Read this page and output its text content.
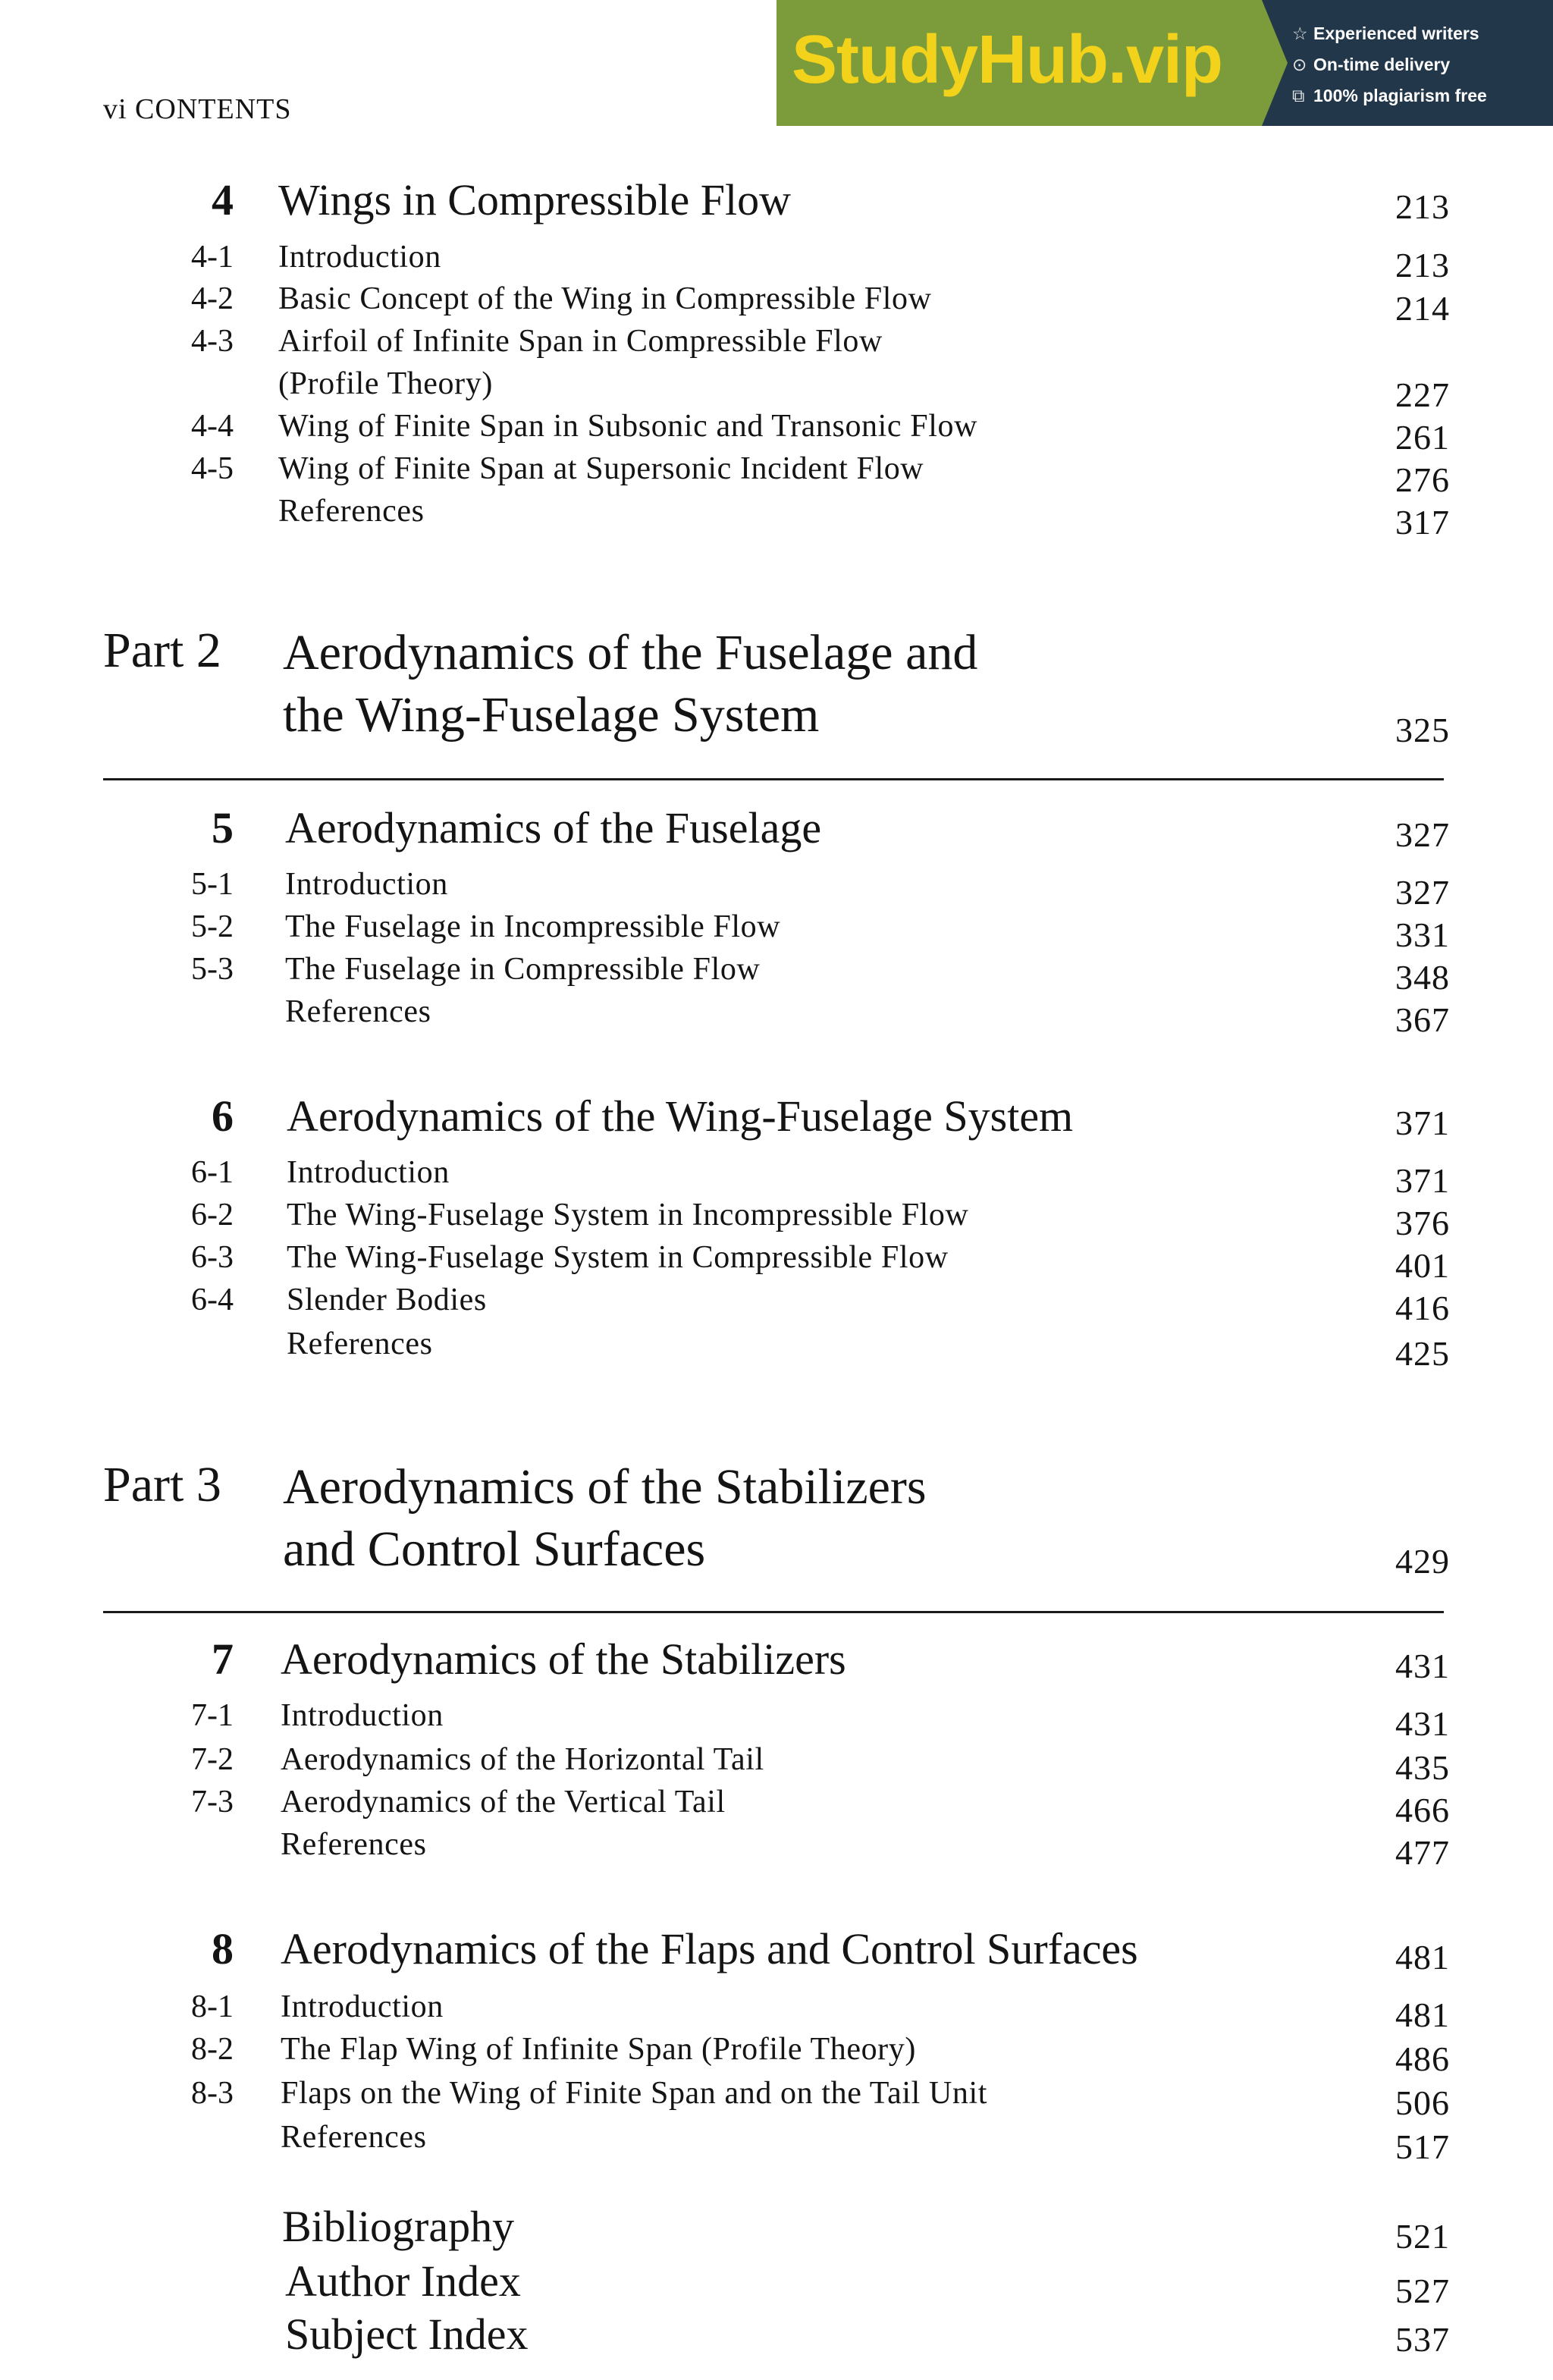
vi CONTENTS
StudyHub.vip	☆ Experienced writers
⊙ On-time delivery
⧉ 100% plagiarism free
4 Wings in Compressible Flow	213
4-1 Introduction	213
4-2 Basic Concept of the Wing in Compressible Flow	214
4-3 Airfoil of Infinite Span in Compressible Flow
(Profile Theory)	227
4-4 Wing of Finite Span in Subsonic and Transonic Flow	261
4-5 Wing of Finite Span at Supersonic Incident Flow	276
References	317
Part 2 Aerodynamics of the Fuselage and
the Wing-Fuselage System	325
5 Aerodynamics of the Fuselage	327
5-1 Introduction	327
5-2 The Fuselage in Incompressible Flow	331
5-3 The Fuselage in Compressible Flow	348
References	367
6 Aerodynamics of the Wing-Fuselage System	371
6-1 Introduction	371
6-2 The Wing-Fuselage System in Incompressible Flow	376
6-3 The Wing-Fuselage System in Compressible Flow	401
6-4 Slender Bodies	416
References	425
Part 3 Aerodynamics of the Stabilizers
and Control Surfaces	429
7 Aerodynamics of the Stabilizers	431
7-1 Introduction	431
7-2 Aerodynamics of the Horizontal Tail	435
7-3 Aerodynamics of the Vertical Tail	466
References	477
8 Aerodynamics of the Flaps and Control Surfaces	481
8-1 Introduction	481
8-2 The Flap Wing of Infinite Span (Profile Theory)	486
8-3 Flaps on the Wing of Finite Span and on the Tail Unit	506
References	517
Bibliography	521
Author Index	527
Subject Index	537
